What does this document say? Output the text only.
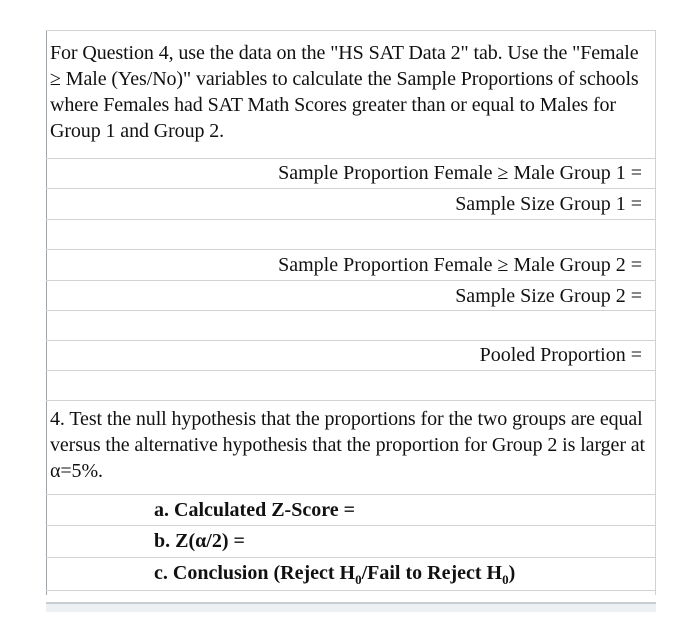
For Question 4, use the data on the "HS SAT Data 2" tab. Use the "Female ≥ Male (Yes/No)" variables to calculate the Sample Proportions of schools where Females had SAT Math Scores greater than or equal to Males for Group 1 and Group 2.
Sample Proportion Female ≥ Male Group 1 =
Sample Size Group 1 =
Sample Proportion Female ≥ Male Group 2 =
Sample Size Group 2 =
Pooled Proportion =
4. Test the null hypothesis that the proportions for the two groups are equal versus the alternative hypothesis that the proportion for Group 2 is larger at α=5%.
a. Calculated Z-Score =
b. Z(α/2) =
c. Conclusion (Reject $H_0$/Fail to Reject $H_0$)
